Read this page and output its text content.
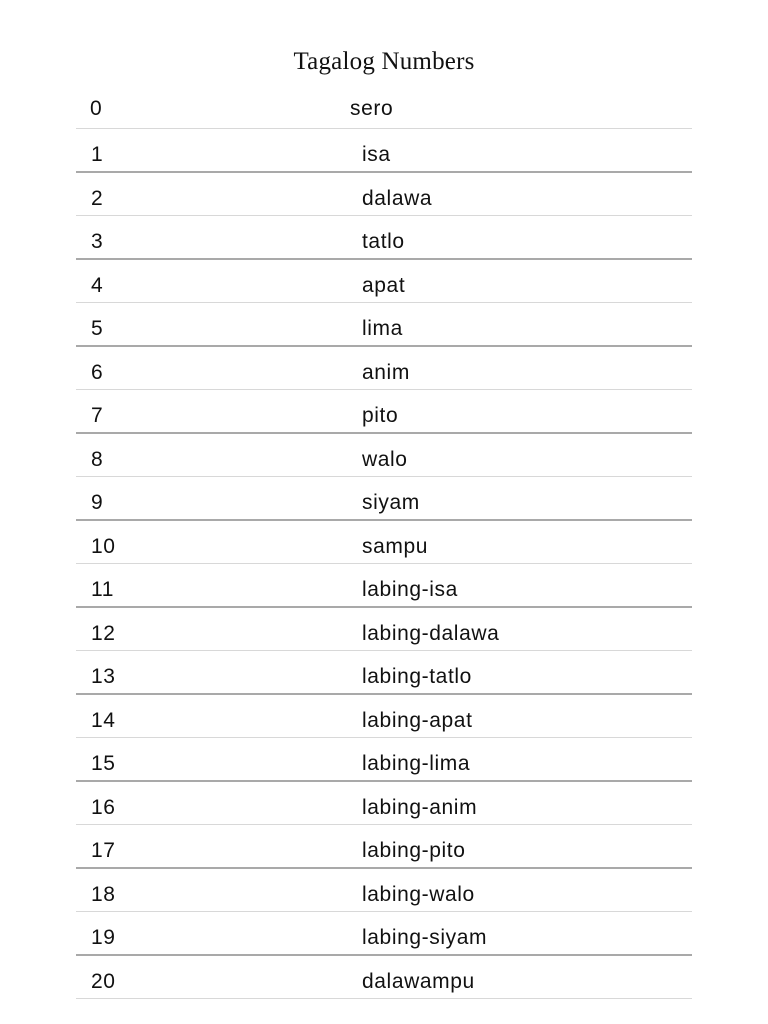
Tagalog Numbers
0	sero
1	isa
2	dalawa
3	tatlo
4	apat
5	lima
6	anim
7	pito
8	walo
9	siyam
10	sampu
11	labing-isa
12	labing-dalawa
13	labing-tatlo
14	labing-apat
15	labing-lima
16	labing-anim
17	labing-pito
18	labing-walo
19	labing-siyam
20	dalawampu
